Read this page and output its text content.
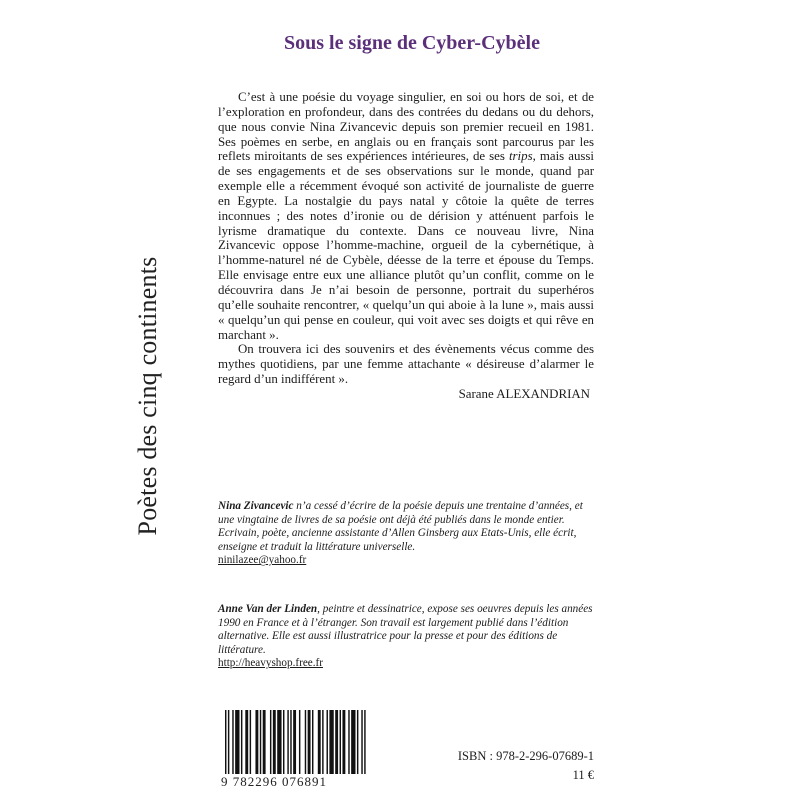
Poètes des cinq continents
Sous le signe de Cyber-Cybèle

C’est à une poésie du voyage singulier, en soi ou hors de soi, et de l’exploration en profondeur, dans des contrées du dedans ou du dehors, que nous convie Nina Zivancevic depuis son premier recueil en 1981. Ses poèmes en serbe, en anglais ou en français sont parcourus par les reflets miroitants de ses expériences intérieures, de ses trips, mais aussi de ses engagements et de ses observations sur le monde, quand par exemple elle a récemment évoqué son activité de journaliste de guerre en Egypte. La nostalgie du pays natal y côtoie la quête de terres inconnues ; des notes d’ironie ou de dérision y atténuent parfois le lyrisme dramatique du contexte. Dans ce nouveau livre, Nina Zivancevic oppose l’homme-machine, orgueil de la cybernétique, à l’homme-naturel né de Cybèle, déesse de la terre et épouse du Temps. Elle envisage entre eux une alliance plutôt qu’un conflit, comme on le découvrira dans Je n’ai besoin de personne, portrait du superhéros qu’elle souhaite rencontrer, « quelqu’un qui aboie à la lune », mais aussi « quelqu’un qui pense en couleur, qui voit avec ses doigts et qui rêve en marchant ».

On trouvera ici des souvenirs et des évènements vécus comme des mythes quotidiens, par une femme attachante « désireuse d’alarmer le regard d’un indifférent ».

Sarane ALEXANDRIAN

Nina Zivancevic n’a cessé d’écrire de la poésie depuis une trentaine d’années, et une vingtaine de livres de sa poésie ont déjà été publiés dans le monde entier. Ecrivain, poète, ancienne assistante d’Allen Ginsberg aux Etats-Unis, elle écrit, enseigne et traduit la littérature universelle.

ninilazee@yahoo.fr

Anne Van der Linden, peintre et dessinatrice, expose ses oeuvres depuis les années 1990 en France et à l’étranger. Son travail est largement publié dans l’édition alternative. Elle est aussi illustratrice pour la presse et pour des éditions de littérature.

http://heavyshop.free.fr
9 782296 076891
ISBN : 978-2-296-07689-1
11 €
